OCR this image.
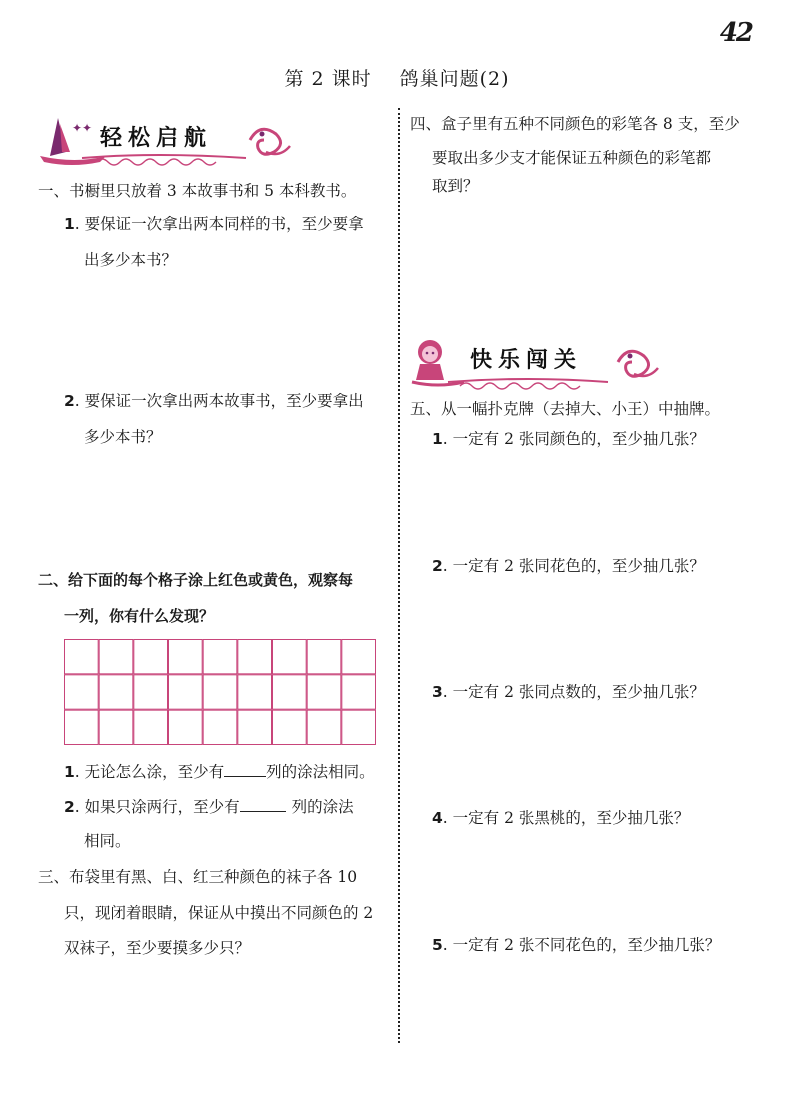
42
第 2 课时 鸽巢问题(2)
✦✦ 轻松启航
快乐闯关
一、书橱里只放着 3 本故事书和 5 本科教书。
1. 要保证一次拿出两本同样的书，至少要拿
出多少本书？
2. 要保证一次拿出两本故事书，至少要拿出
多少本书？
二、给下面的每个格子涂上红色或黄色，观察每
一列，你有什么发现？
1. 无论怎么涂，至少有	列的涂法相同。
2. 如果只涂两行，至少有	列的涂法
相同。
三、布袋里有黑、白、红三种颜色的袜子各 10
只，现闭着眼睛，保证从中摸出不同颜色的 2
双袜子，至少要摸多少只？
四、盒子里有五种不同颜色的彩笔各 8 支，至少
要取出多少支才能保证五种颜色的彩笔都
取到？
五、从一幅扑克牌（去掉大、小王）中抽牌。
1. 一定有 2 张同颜色的，至少抽几张？
2. 一定有 2 张同花色的，至少抽几张？
3. 一定有 2 张同点数的，至少抽几张？
4. 一定有 2 张黑桃的，至少抽几张？
5. 一定有 2 张不同花色的，至少抽几张？
